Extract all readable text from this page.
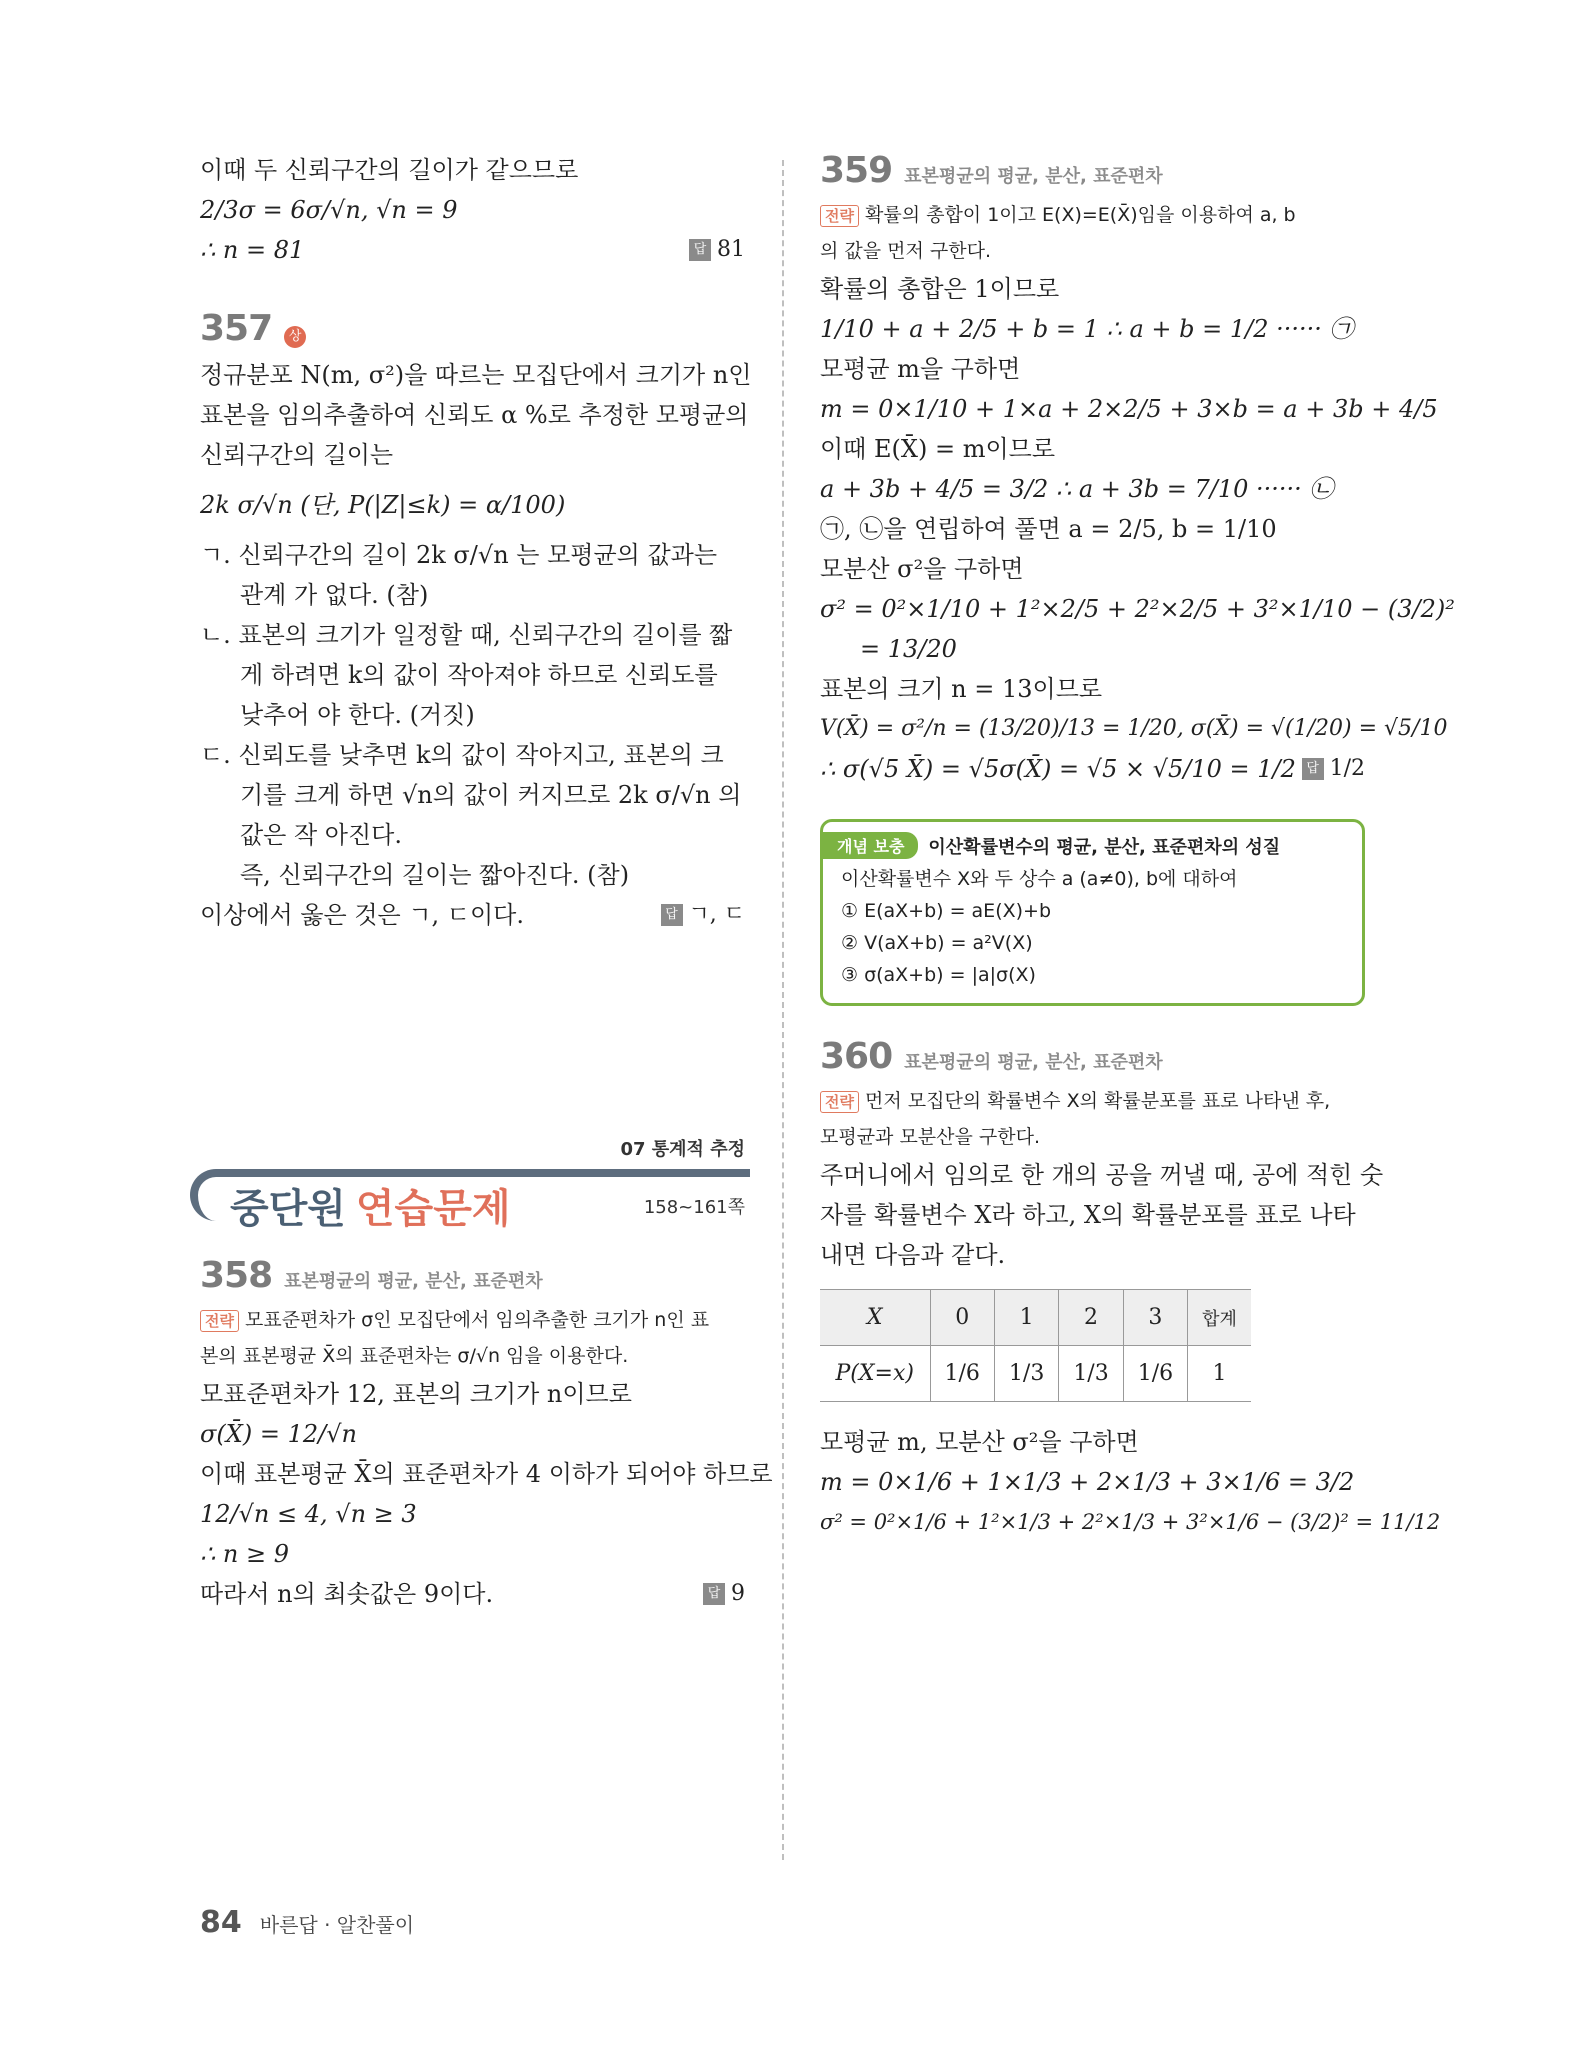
이때 두 신뢰구간의 길이가 같으므로
2/3σ = 6σ/√n, √n = 9
∴ n = 81	답 81
357	상
정규분포 N(m, σ²)을 따르는 모집단에서 크기가 n인
표본을 임의추출하여 신뢰도 α %로 추정한 모평균의
신뢰구간의 길이는
2k σ/√n (단, P(|Z|≤k) = α/100)
ㄱ. 신뢰구간의 길이 2k σ/√n 는 모평균의 값과는 관계 가 없다. (참)
ㄴ. 표본의 크기가 일정할 때, 신뢰구간의 길이를 짧게 하려면 k의 값이 작아져야 하므로 신뢰도를 낮추어 야 한다. (거짓)
ㄷ. 신뢰도를 낮추면 k의 값이 작아지고, 표본의 크기를 크게 하면 √n의 값이 커지므로 2k σ/√n 의 값은 작 아진다.
즉, 신뢰구간의 길이는 짧아진다. (참)
이상에서 옳은 것은 ㄱ, ㄷ이다.	답 ㄱ, ㄷ
07 통계적 추정
중단원 연습문제	158~161쪽
358 표본평균의 평균, 분산, 표준편차
전략 모표준편차가 σ인 모집단에서 임의추출한 크기가 n인 표
본의 표본평균 X̄의 표준편차는 σ/√n 임을 이용한다.
모표준편차가 12, 표본의 크기가 n이므로
σ(X̄) = 12/√n
이때 표본평균 X̄의 표준편차가 4 이하가 되어야 하므로
12/√n ≤ 4, √n ≥ 3
∴ n ≥ 9
따라서 n의 최솟값은 9이다.	답 9
359 표본평균의 평균, 분산, 표준편차
전략 확률의 총합이 1이고 E(X)=E(X̄)임을 이용하여 a, b
의 값을 먼저 구한다.
확률의 총합은 1이므로
1/10 + a + 2/5 + b = 1 ∴ a + b = 1/2 ······ ㉠
모평균 m을 구하면
m = 0×1/10 + 1×a + 2×2/5 + 3×b = a + 3b + 4/5
이때 E(X̄) = m이므로
a + 3b + 4/5 = 3/2 ∴ a + 3b = 7/10 ······ ㉡
㉠, ㉡을 연립하여 풀면 a = 2/5, b = 1/10
모분산 σ²을 구하면
σ² = 0²×1/10 + 1²×2/5 + 2²×2/5 + 3²×1/10 − (3/2)²
= 13/20
표본의 크기 n = 13이므로
V(X̄) = σ²/n = (13/20)/13 = 1/20, σ(X̄) = √(1/20) = √5/10
∴ σ(√5 X̄) = √5σ(X̄) = √5 × √5/10 = 1/2 답 1/2
개념 보충	이산확률변수의 평균, 분산, 표준편차의 성질
이산확률변수 X와 두 상수 a (a≠0), b에 대하여
① E(aX+b) = aE(X)+b
② V(aX+b) = a²V(X)
③ σ(aX+b) = |a|σ(X)
360 표본평균의 평균, 분산, 표준편차
전략 먼저 모집단의 확률변수 X의 확률분포를 표로 나타낸 후,
모평균과 모분산을 구한다.
주머니에서 임의로 한 개의 공을 꺼낼 때, 공에 적힌 숫
자를 확률변수 X라 하고, X의 확률분포를 표로 나타
내면 다음과 같다.
X	0	1	2	3	합계
P(X=x)	1/6	1/3	1/3	1/6	1
모평균 m, 모분산 σ²을 구하면
m = 0×1/6 + 1×1/3 + 2×1/3 + 3×1/6 = 3/2
σ² = 0²×1/6 + 1²×1/3 + 2²×1/3 + 3²×1/6 − (3/2)² = 11/12
84 바른답 · 알찬풀이
